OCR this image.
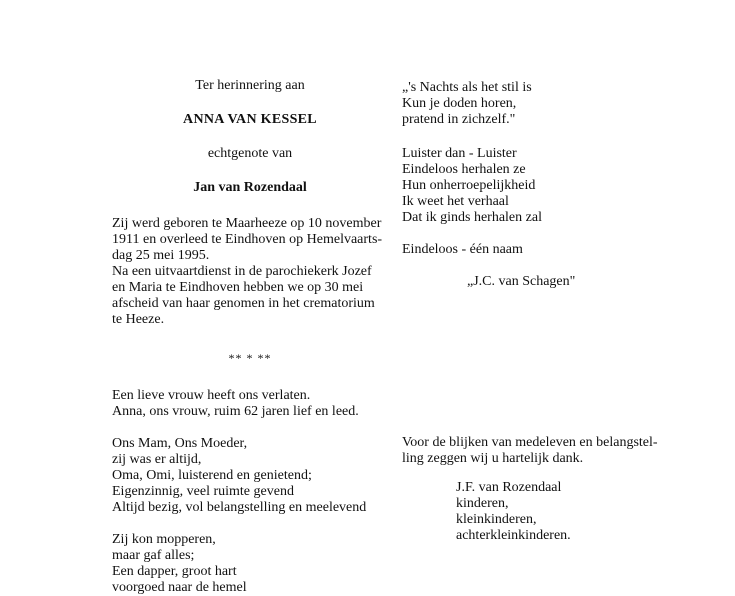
Ter herinnering aan
ANNA VAN KESSEL
echtgenote van
Jan van Rozendaal
Zij werd geboren te Maarheeze op 10 november
1911 en overleed te Eindhoven op Hemelvaarts-
dag 25 mei 1995.
Na een uitvaartdienst in de parochiekerk Jozef
en Maria te Eindhoven hebben we op 30 mei
afscheid van haar genomen in het crematorium
te Heeze.
** * **
Een lieve vrouw heeft ons verlaten.
Anna, ons vrouw, ruim 62 jaren lief en leed.
Ons Mam, Ons Moeder,
zij was er altijd,
Oma, Omi, luisterend en genietend;
Eigenzinnig, veel ruimte gevend
Altijd bezig, vol belangstelling en meelevend
Zij kon mopperen,
maar gaf alles;
Een dapper, groot hart
voorgoed naar de hemel
„'s Nachts als het stil is
Kun je doden horen,
pratend in zichzelf."
Luister dan - Luister
Eindeloos herhalen ze
Hun onherroepelijkheid
Ik weet het verhaal
Dat ik ginds herhalen zal
Eindeloos - één naam
„J.C. van Schagen"
Voor de blijken van medeleven en belangstel-
ling zeggen wij u hartelijk dank.
J.F. van Rozendaal
kinderen,
kleinkinderen,
achterkleinkinderen.
